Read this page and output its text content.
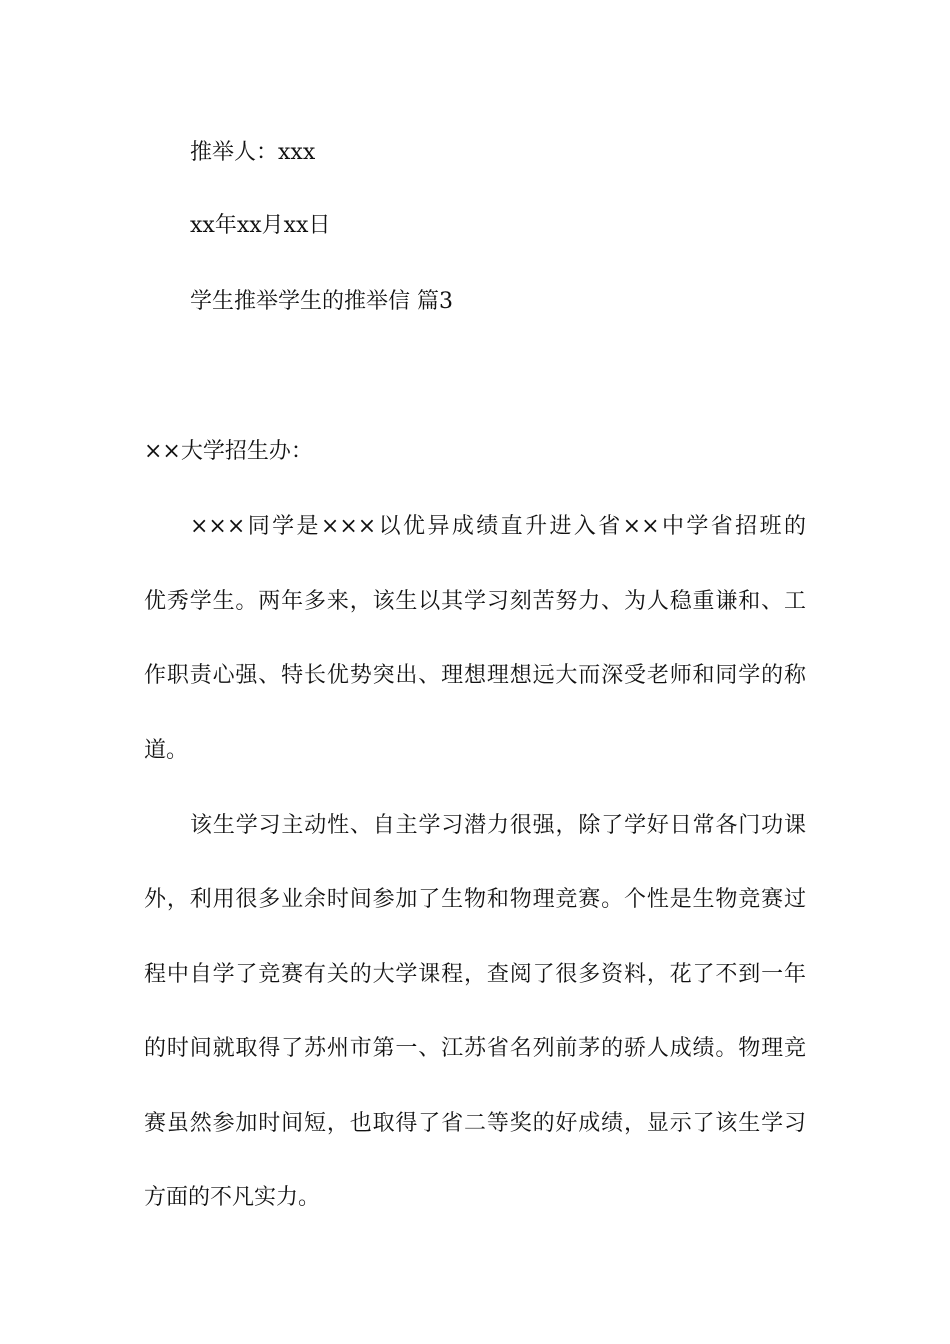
推举人：xxx

xx年xx月xx日

学生推举学生的推举信 篇3

××大学招生办：

×××同学是×××以优异成绩直升进入省××中学省招班的

优秀学生。两年多来，该生以其学习刻苦努力、为人稳重谦和、工

作职责心强、特长优势突出、理想理想远大而深受老师和同学的称

道。

该生学习主动性、自主学习潜力很强，除了学好日常各门功课

外，利用很多业余时间参加了生物和物理竞赛。个性是生物竞赛过

程中自学了竞赛有关的大学课程，查阅了很多资料，花了不到一年

的时间就取得了苏州市第一、江苏省名列前茅的骄人成绩。物理竞

赛虽然参加时间短，也取得了省二等奖的好成绩，显示了该生学习

方面的不凡实力。
